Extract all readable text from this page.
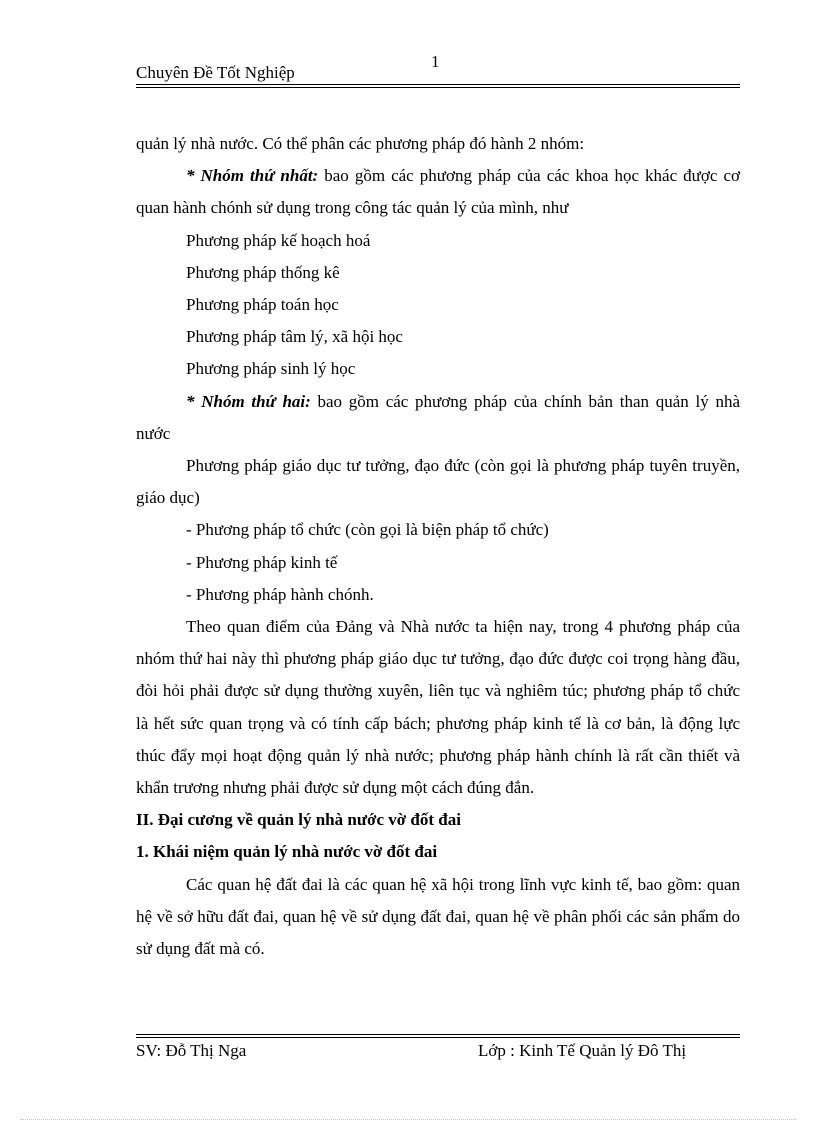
1
Chuyên Đề Tốt Nghiệp

quản lý nhà nước. Có thể phân các phương pháp đó hành 2 nhóm:

* Nhóm thứ nhất: bao gồm các phương pháp của các khoa học khác được cơ quan hành chónh sử dụng trong công tác quản lý của mình, như

Phương pháp kế hoạch hoá

Phương pháp thống kê

Phương pháp toán học

Phương pháp tâm lý, xã hội học

Phương pháp sinh lý học

* Nhóm thứ hai: bao gồm các phương pháp của chính bản than quản lý nhà nước

Phương pháp giáo dục tư tưởng, đạo đức (còn gọi là phương pháp tuyên truyền, giáo dục)

- Phương pháp tổ chức (còn gọi là biện pháp tổ chức)

- Phương pháp kinh tế

- Phương pháp hành chónh.

Theo quan điểm của Đảng và Nhà nước ta hiện nay, trong 4 phương pháp của nhóm thứ hai này thì phương pháp giáo dục tư tưởng, đạo đức được coi trọng hàng đầu, đòi hỏi phải được sử dụng thường xuyên, liên tục và nghiêm túc; phương pháp tổ chức là hết sức quan trọng và có tính cấp bách; phương pháp kinh tế là cơ bản, là động lực thúc đẩy mọi hoạt động quản lý nhà nước; phương pháp hành chính là rất cần thiết và khẩn trương nhưng phải được sử dụng một cách đúng đắn.

II. Đại cương về quản lý nhà nước vờ đốt đai

1. Khái niệm quản lý nhà nước vờ đốt đai

Các quan hệ đất đai là các quan hệ xã hội trong lĩnh vực kinh tế, bao gồm: quan hệ về sở hữu đất đai, quan hệ về sử dụng đất đai, quan hệ về phân phối các sản phẩm do sử dụng đất mà có.

SV: Đỗ Thị Nga	Lớp : Kinh Tế Quản lý Đô Thị
